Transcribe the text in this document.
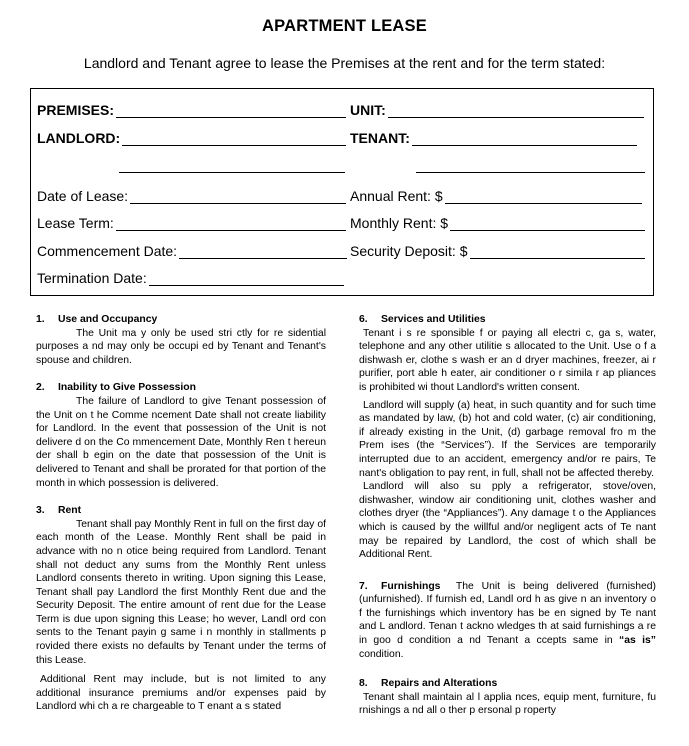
APARTMENT LEASE
Landlord and Tenant agree to lease the Premises at the rent and for the term stated:
PREMISES:	UNIT:
LANDLORD:	TENANT:
Date of Lease:	Annual Rent: $
Lease Term:	Monthly Rent: $
Commencement Date:	Security Deposit: $
Termination Date:
1. Use and Occupancy

The Unit ma y only be used stri ctly for re sidential purposes a nd may only be occupi ed by Tenant and Tenant's spouse and children.

2. Inability to Give Possession

The failure of Landlord to give Tenant possession of the Unit on t he Comme ncement Date shall not create liability for Landlord. In the event that possession of the Unit is not delivere d on the Co mmencement Date, Monthly Ren t hereun der shall b egin on the date that possession of the Unit is delivered to Tenant and shall be prorated for that portion of the month in which possession is delivered.

3. Rent

Tenant shall pay Monthly Rent in full on the first day of each month of the Lease. Monthly Rent shall be paid in advance with no n otice being required from Landlord. Tenant shall not deduct any sums from the Monthly Rent unless Landlord consents thereto in writing. Upon signing this Lease, Tenant shall pay Landlord the first Monthly Rent due and the Security Deposit. The entire amount of rent due for the Lease Term is due upon signing this Lease; ho wever, Landl ord con sents to the Tenant payin g same i n monthly in stallments p rovided there exists no defaults by Tenant under the terms of this Lease.

Additional Rent may include, but is not limited to any additional insurance premiums and/or expenses paid by Landlord whi ch a re chargeable to T enant a s stated

6. Services and Utilities

Tenant i s re sponsible f or paying all electri c, ga s, water, telephone and any other utilitie s allocated to the Unit. Use o f a dishwash er, clothe s wash er an d dryer machines, freezer, ai r purifier, port able h eater, air conditioner o r simila r ap pliances is prohibited wi thout Landlord's written consent.

Landlord will supply (a) heat, in such quantity and for such time as mandated by law, (b) hot and cold water, (c) air conditioning, if already existing in the Unit, (d) garbage removal fro m the Prem ises (the “Services”). If the Services are temporarily interrupted due to an accident, emergency and/or re pairs, Te nant's obligation to pay rent, in full, shall not be affected thereby.

Landlord will also su pply a refrigerator, stove/oven, dishwasher, window air conditioning unit, clothes washer and clothes dryer (the “Appliances”). Any damage t o the Appliances which is caused by the willful and/or negligent acts of Te nant may be repaired by Landlord, the cost of which shall be Additional Rent.

7. Furnishings The Unit is being delivered (furnished) (unfurnished). If furnish ed, Landl ord h as give n an inventory o f the furnishings which inventory has be en signed by Te nant and L andlord. Tenan t ackno wledges th at said furnishings a re in goo d condition a nd Tenant a ccepts same in “as is” condition.

8. Repairs and Alterations

Tenant shall maintain al l applia nces, equip ment, furniture, fu rnishings a nd all o ther p ersonal p roperty
